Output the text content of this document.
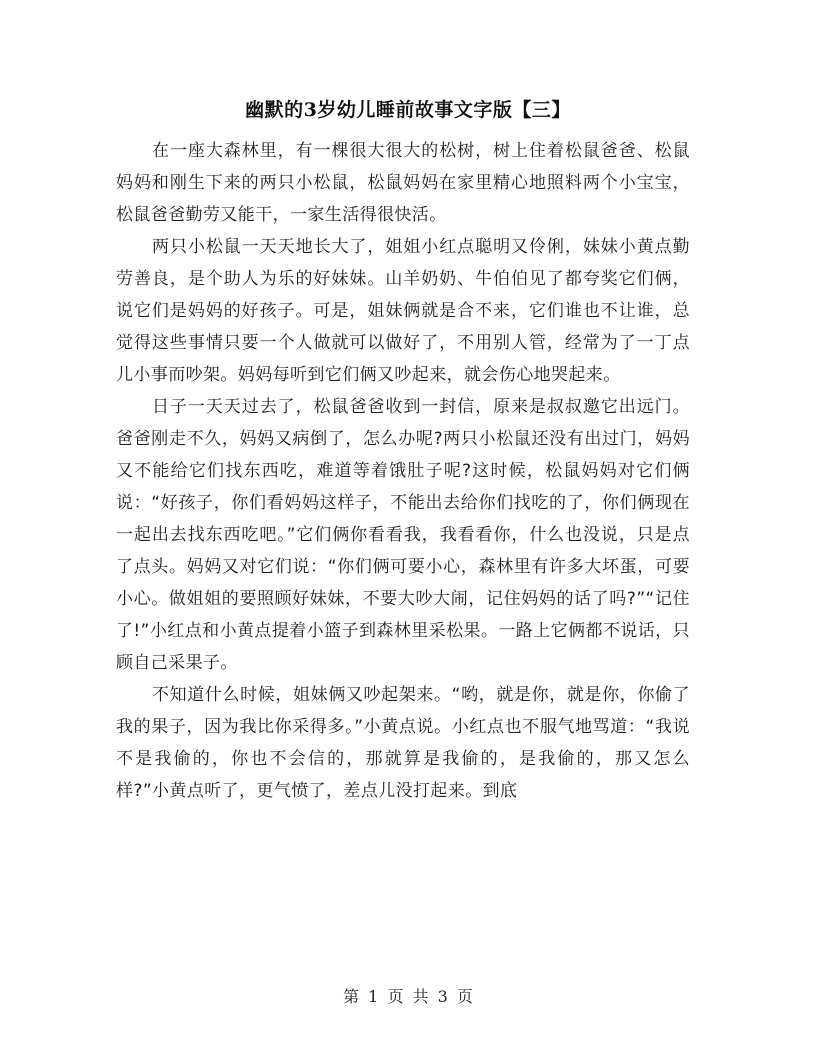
幽默的3岁幼儿睡前故事文字版【三】

在一座大森林里，有一棵很大很大的松树，树上住着松鼠爸爸、松鼠妈妈和刚生下来的两只小松鼠，松鼠妈妈在家里精心地照料两个小宝宝，松鼠爸爸勤劳又能干，一家生活得很快活。

两只小松鼠一天天地长大了，姐姐小红点聪明又伶俐，妹妹小黄点勤劳善良，是个助人为乐的好妹妹。山羊奶奶、牛伯伯见了都夸奖它们俩，说它们是妈妈的好孩子。可是，姐妹俩就是合不来，它们谁也不让谁，总觉得这些事情只要一个人做就可以做好了，不用别人管，经常为了一丁点儿小事而吵架。妈妈每听到它们俩又吵起来，就会伤心地哭起来。

日子一天天过去了，松鼠爸爸收到一封信，原来是叔叔邀它出远门。爸爸刚走不久，妈妈又病倒了，怎么办呢?两只小松鼠还没有出过门，妈妈又不能给它们找东西吃，难道等着饿肚子呢?这时候，松鼠妈妈对它们俩说：“好孩子，你们看妈妈这样子，不能出去给你们找吃的了，你们俩现在一起出去找东西吃吧。”它们俩你看看我，我看看你，什么也没说，只是点了点头。妈妈又对它们说：“你们俩可要小心，森林里有许多大坏蛋，可要小心。做姐姐的要照顾好妹妹，不要大吵大闹，记住妈妈的话了吗?”“记住了!”小红点和小黄点提着小篮子到森林里采松果。一路上它俩都不说话，只顾自己采果子。

不知道什么时候，姐妹俩又吵起架来。“哟，就是你，就是你，你偷了我的果子，因为我比你采得多。”小黄点说。小红点也不服气地骂道：“我说不是我偷的，你也不会信的，那就算是我偷的，是我偷的，那又怎么样?”小黄点听了，更气愤了，差点儿没打起来。到底

第 1 页 共 3 页
